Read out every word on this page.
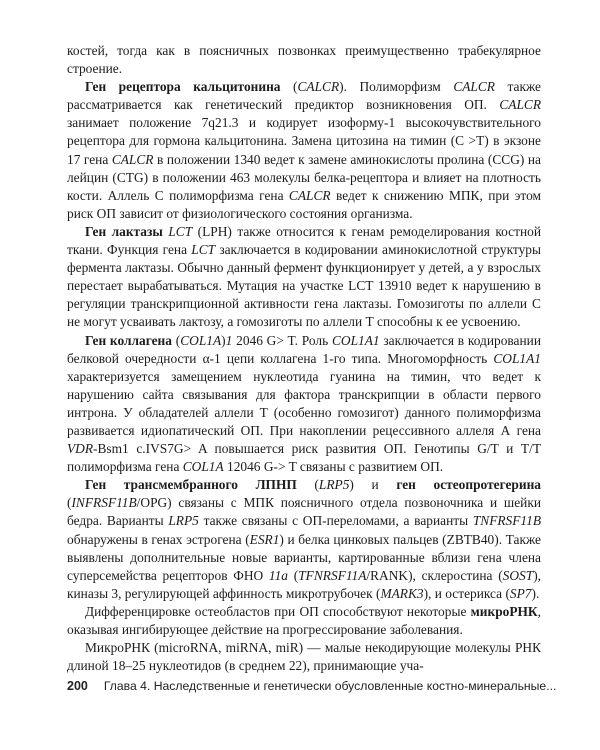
костей, тогда как в поясничных позвонках преимущественно трабекулярное строение.

Ген рецептора кальцитонина (CALCR). Полиморфизм CALCR также рассматривается как генетический предиктор возникновения ОП. CALCR занимает положение 7q21.3 и кодирует изоформу-1 высокочувствительного рецептора для гормона кальцитонина. Замена цитозина на тимин (С >Т) в экзоне 17 гена CALCR в положении 1340 ведет к замене аминокислоты пролина (CCG) на лейцин (CTG) в положении 463 молекулы белка-рецептора и влияет на плотность кости. Аллель С полиморфизма гена CALCR ведет к снижению МПК, при этом риск ОП зависит от физиологического состояния организма.

Ген лактазы LCT (LPH) также относится к генам ремоделирования костной ткани. Функция гена LCT заключается в кодировании аминокислотной структуры фермента лактазы. Обычно данный фермент функционирует у детей, а у взрослых перестает вырабатываться. Мутация на участке LCT 13910 ведет к нарушению в регуляции транскрипционной активности гена лактазы. Гомозиготы по аллели С не могут усваивать лактозу, а гомозиготы по аллели Т способны к ее усвоению.

Ген коллагена (COL1A)1 2046 G> T. Роль COL1A1 заключается в кодировании белковой очередности α-1 цепи коллагена 1-го типа. Многоморфность COL1A1 характеризуется замещением нуклеотида гуанина на тимин, что ведет к нарушению сайта связывания для фактора транскрипции в области первого интрона. У обладателей аллели Т (особенно гомозигот) данного полиморфизма развивается идиопатический ОП. При накоплении рецессивного аллеля А гена VDR-Bsm1 c.IVS7G> A повышается риск развития ОП. Генотипы G/T и T/T полиморфизма гена COL1A 12046 G-> T связаны с развитием ОП.

Ген трансмембранного ЛПНП (LRP5) и ген остеопротегерина (INFRSF11B/OPG) связаны с МПК поясничного отдела позвоночника и шейки бедра. Варианты LRP5 также связаны с ОП-переломами, а варианты TNFRSF11B обнаружены в генах эстрогена (ESR1) и белка цинковых пальцев (ZBTB40). Также выявлены дополнительные новые варианты, картированные вблизи гена члена суперсемейства рецепторов ФНО 11a (TFNRSF11A/RANK), склеростина (SOST), киназы 3, регулирующей аффинность микротрубочек (MARK3), и остерикса (SP7).

Дифференцировке остеобластов при ОП способствуют некоторые микроРНК, оказывая ингибирующее действие на прогрессирование заболевания.

МикроРНК (microRNA, miRNA, miR) — малые некодирующие молекулы РНК длиной 18–25 нуклеотидов (в среднем 22), принимающие уча-

200	Глава 4. Наследственные и генетически обусловленные костно-минеральные...
